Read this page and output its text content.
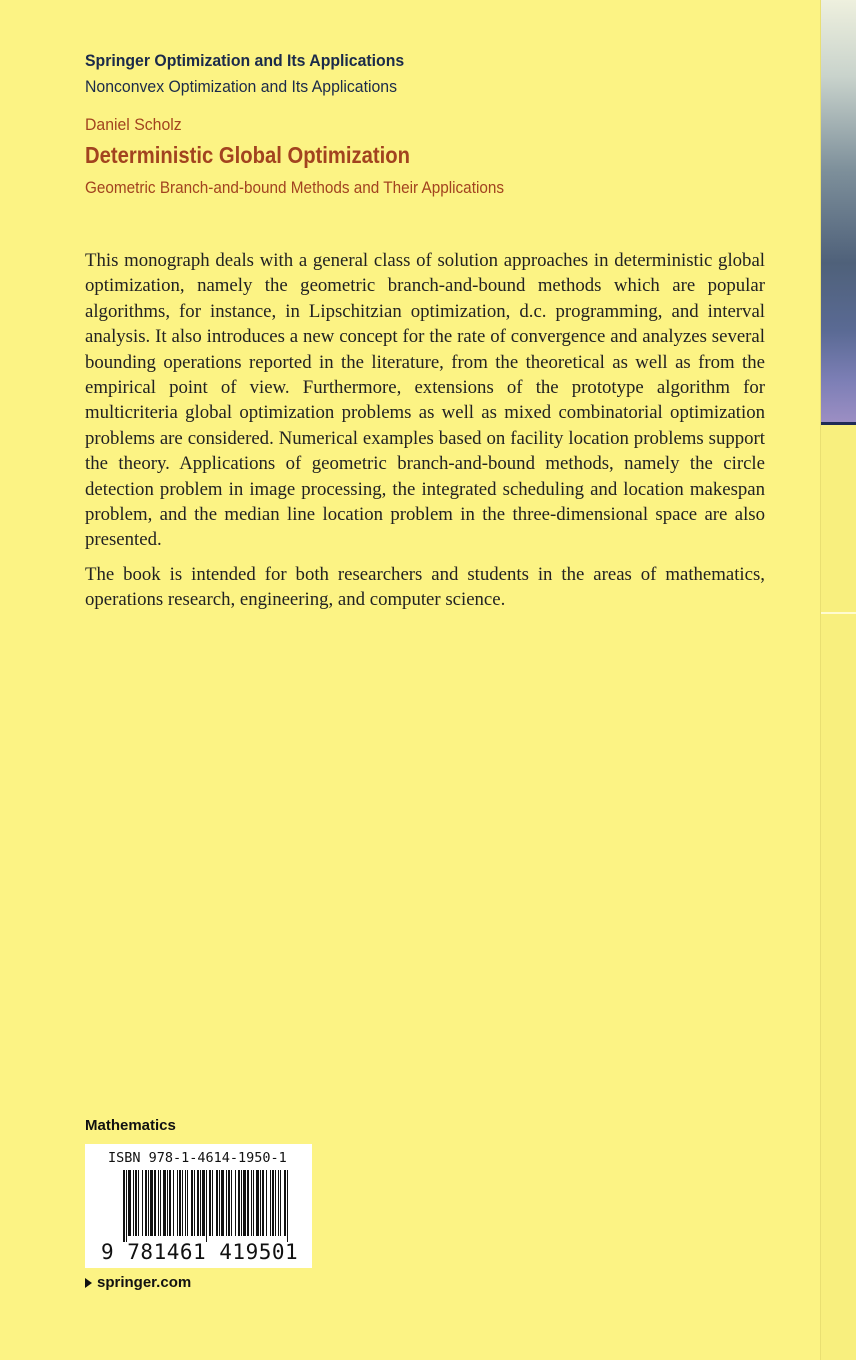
Springer Optimization and Its Applications
Nonconvex Optimization and Its Applications
Daniel Scholz
Deterministic Global Optimization
Geometric Branch-and-bound Methods and Their Applications

This monograph deals with a general class of solution approaches in deterministic global optimization, namely the geometric branch-and-bound methods which are popular algorithms, for instance, in Lipschitzian optimization, d.c. programming, and interval analysis. It also introduces a new concept for the rate of convergence and analyzes several bounding operations reported in the literature, from the theoretical as well as from the empirical point of view. Furthermore, extensions of the prototype algorithm for multicriteria global optimization problems as well as mixed combinatorial optimization problems are considered. Numerical examples based on facility location problems support the theory. Applications of geometric branch-and-bound methods, namely the circle detection problem in image processing, the integrated scheduling and location makespan problem, and the median line location problem in the three-dimensional space are also presented.

The book is intended for both researchers and students in the areas of mathematics, operations research, engineering, and computer science.

Mathematics
ISBN 978-1-4614-1950-1
9 781461 419501
springer.com
